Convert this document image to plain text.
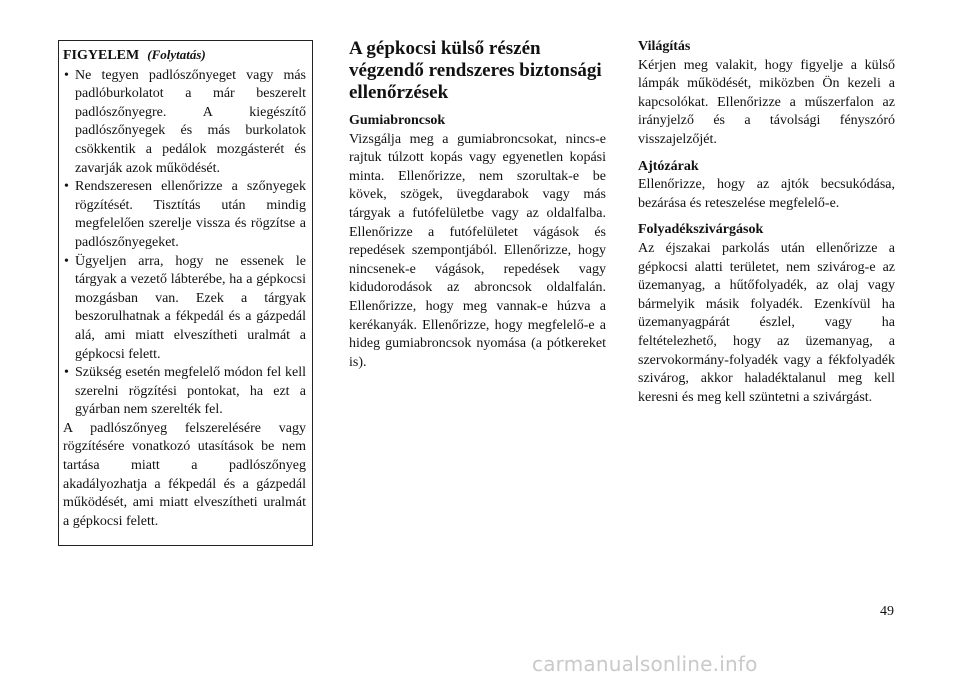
FIGYELEM (Folytatás)

• Ne tegyen padlószőnyeget vagy más padlóburkolatot a már beszerelt padlószőnyegre. A kiegészítő padlószőnyegek és más burkolatok csökkentik a pedálok mozgásterét és zavarják azok működését.
• Rendszeresen ellenőrizze a szőnyegek rögzítését. Tisztítás után mindig megfelelően szerelje vissza és rögzítse a padlószőnyegeket.
• Ügyeljen arra, hogy ne essenek le tárgyak a vezető lábterébe, ha a gépkocsi mozgásban van. Ezek a tárgyak beszorulhatnak a fékpedál és a gázpedál alá, ami miatt elveszítheti uralmát a gépkocsi felett.
• Szükség esetén megfelelő módon fel kell szerelni rögzítési pontokat, ha ezt a gyárban nem szerelték fel.

A padlószőnyeg felszerelésére vagy rögzítésére vonatkozó utasítások be nem tartása miatt a padlószőnyeg akadályozhatja a fékpedál és a gázpedál működését, ami miatt elveszítheti uralmát a gépkocsi felett.

A gépkocsi külső részén végzendő rendszeres biztonsági ellenőrzések

Gumiabroncsok

Vizsgálja meg a gumiabroncsokat, nincs-e rajtuk túlzott kopás vagy egyenetlen kopási minta. Ellenőrizze, nem szorultak-e be kövek, szögek, üvegdarabok vagy más tárgyak a futófelületbe vagy az oldalfalba. Ellenőrizze a futófelületet vágások és repedések szempontjából. Ellenőrizze, hogy nincsenek-e vágások, repedések vagy kidudorodások az abroncsok oldalfalán. Ellenőrizze, hogy meg vannak-e húzva a kerékanyák. Ellenőrizze, hogy megfelelő-e a hideg gumiabroncsok nyomása (a pótkereket is).

Világítás

Kérjen meg valakit, hogy figyelje a külső lámpák működését, miközben Ön kezeli a kapcsolókat. Ellenőrizze a műszerfalon az irányjelző és a távolsági fényszóró visszajelzőjét.

Ajtózárak

Ellenőrizze, hogy az ajtók becsukódása, bezárása és reteszelése megfelelő-e.

Folyadékszivárgások

Az éjszakai parkolás után ellenőrizze a gépkocsi alatti területet, nem szivárog-e az üzemanyag, a hűtőfolyadék, az olaj vagy bármelyik másik folyadék. Ezenkívül ha üzemanyagpárát észlel, vagy ha feltételezhető, hogy az üzemanyag, a szervokormány-folyadék vagy a fékfolyadék szivárog, akkor haladéktalanul meg kell keresni és meg kell szüntetni a szivárgást.

49
carmanualsonline.info
